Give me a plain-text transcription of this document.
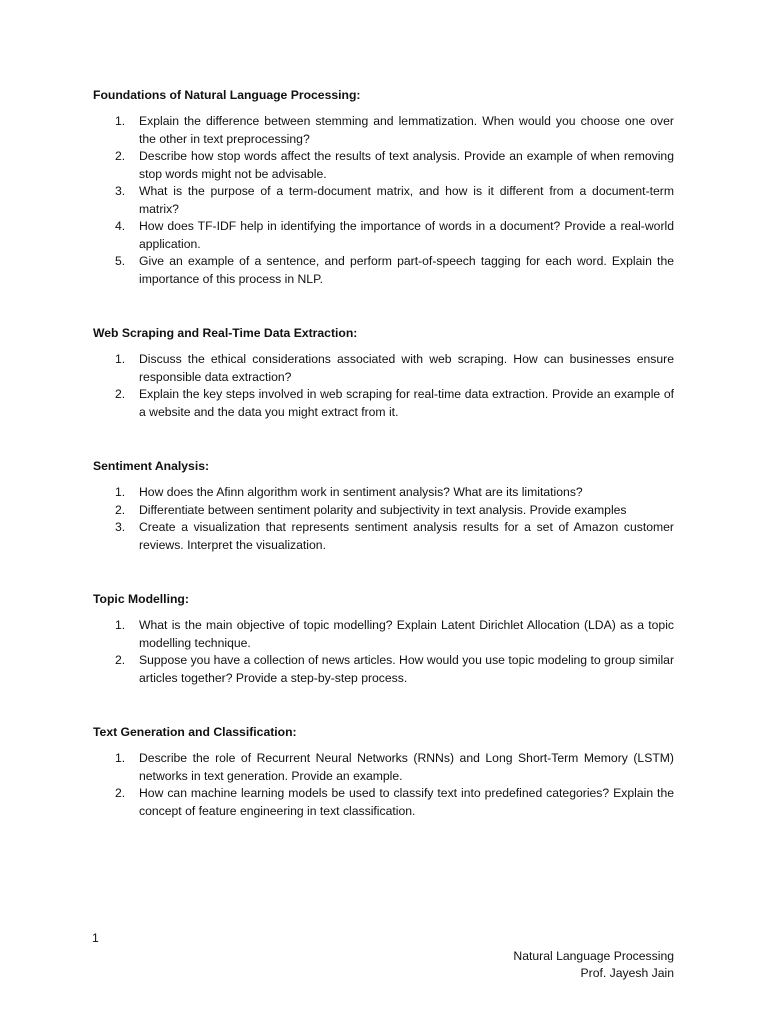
Foundations of Natural Language Processing:

1. Explain the difference between stemming and lemmatization. When would you choose one over the other in text preprocessing?
2. Describe how stop words affect the results of text analysis. Provide an example of when removing stop words might not be advisable.
3. What is the purpose of a term-document matrix, and how is it different from a document-term matrix?
4. How does TF-IDF help in identifying the importance of words in a document? Provide a real-world application.
5. Give an example of a sentence, and perform part-of-speech tagging for each word. Explain the importance of this process in NLP.

Web Scraping and Real-Time Data Extraction:

1. Discuss the ethical considerations associated with web scraping. How can businesses ensure responsible data extraction?
2. Explain the key steps involved in web scraping for real-time data extraction. Provide an example of a website and the data you might extract from it.

Sentiment Analysis:

1. How does the Afinn algorithm work in sentiment analysis? What are its limitations?
2. Differentiate between sentiment polarity and subjectivity in text analysis. Provide examples
3. Create a visualization that represents sentiment analysis results for a set of Amazon customer reviews. Interpret the visualization.

Topic Modelling:

1. What is the main objective of topic modelling? Explain Latent Dirichlet Allocation (LDA) as a topic modelling technique.
2. Suppose you have a collection of news articles. How would you use topic modeling to group similar articles together? Provide a step-by-step process.

Text Generation and Classification:

1. Describe the role of Recurrent Neural Networks (RNNs) and Long Short-Term Memory (LSTM) networks in text generation. Provide an example.
2. How can machine learning models be used to classify text into predefined categories? Explain the concept of feature engineering in text classification.
1
Natural Language Processing
Prof. Jayesh Jain
